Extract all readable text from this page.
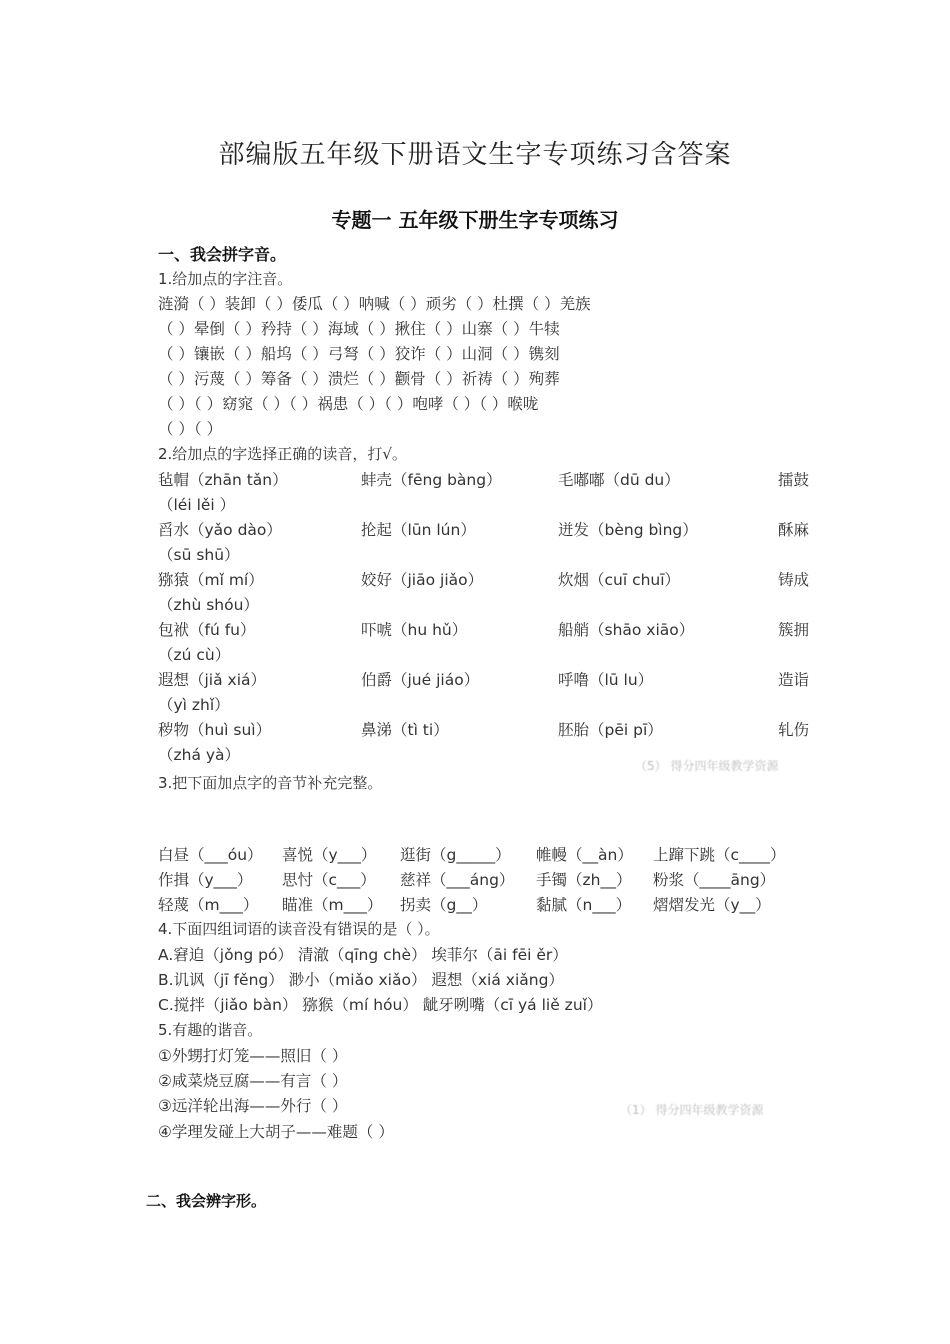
部编版五年级下册语文生字专项练习含答案
专题一 五年级下册生字专项练习
一、我会拼字音。
1.给加点的字注音。
涟漪（ ）装卸（ ）倭瓜（ ）呐喊（ ）顽劣（ ）杜撰（ ）羌族
（ ）晕倒（ ）矜持（ ）海域（ ）揪住（ ）山寨（ ）牛犊
（ ）镶嵌（ ）船坞（ ）弓弩（ ）狡诈（ ）山洞（ ）镌刻
（ ）污蔑（ ）筹备（ ）溃烂（ ）颧骨（ ）祈祷（ ）殉葬
（ ）（ ）窈窕（ ）（ ）祸患（ ）（ ）咆哮（ ）（ ）喉咙
（ ）（ ）
2.给加点的字选择正确的读音，打√。
毡帽（zhān tǎn）	蚌壳（fēng bàng）	毛嘟嘟（dū du）	擂鼓
（léi lěi ）
舀水（yǎo dào）	抡起（lūn lún）	迸发（bèng bìng）	酥麻
（sū shū）
猕猿（mǐ mí）	姣好（jiāo jiǎo）	炊烟（cuī chuī）	铸成
（zhù shóu）
包袱（fú fu）	吓唬（hu hǔ）	船艄（shāo xiāo）	簇拥
（zú cù）
遐想（jiǎ xiá）	伯爵（jué jiáo）	呼噜（lū lu）	造诣
（yì zhǐ）
秽物（huì suì）	鼻涕（tì ti）	胚胎（pēi pī）	轧伤
（zhá yà）
（5） 得分四年级教学资源
3.把下面加点字的音节补充完整。
白昼（___óu） 喜悦（y___） 逛街（g_____） 帷幔（__àn） 上蹿下跳（c____）
作揖（y___） 思忖（c___） 慈祥（___áng） 手镯（zh__） 粉浆（____āng）
轻蔑（m___） 瞄准（m___） 拐卖（g__）	黏腻（n___） 熠熠发光（y__）
4.下面四组词语的读音没有错误的是（ ）。
A.窘迫（jǒng pó） 清澈（qīng chè） 埃菲尔（āi fēi ěr）
B.讥讽（jī fěng） 渺小（miǎo xiǎo） 遐想（xiá xiǎng）
C.搅拌（jiǎo bàn） 猕猴（mí hóu） 龇牙咧嘴（cī yá liě zuǐ）
5.有趣的谐音。
①外甥打灯笼——照旧（ ）
②咸菜烧豆腐——有言（ ）
③远洋轮出海——外行（ ）
④学理发碰上大胡子——难题（ ）
（1） 得分四年级教学资源
二、我会辨字形。
